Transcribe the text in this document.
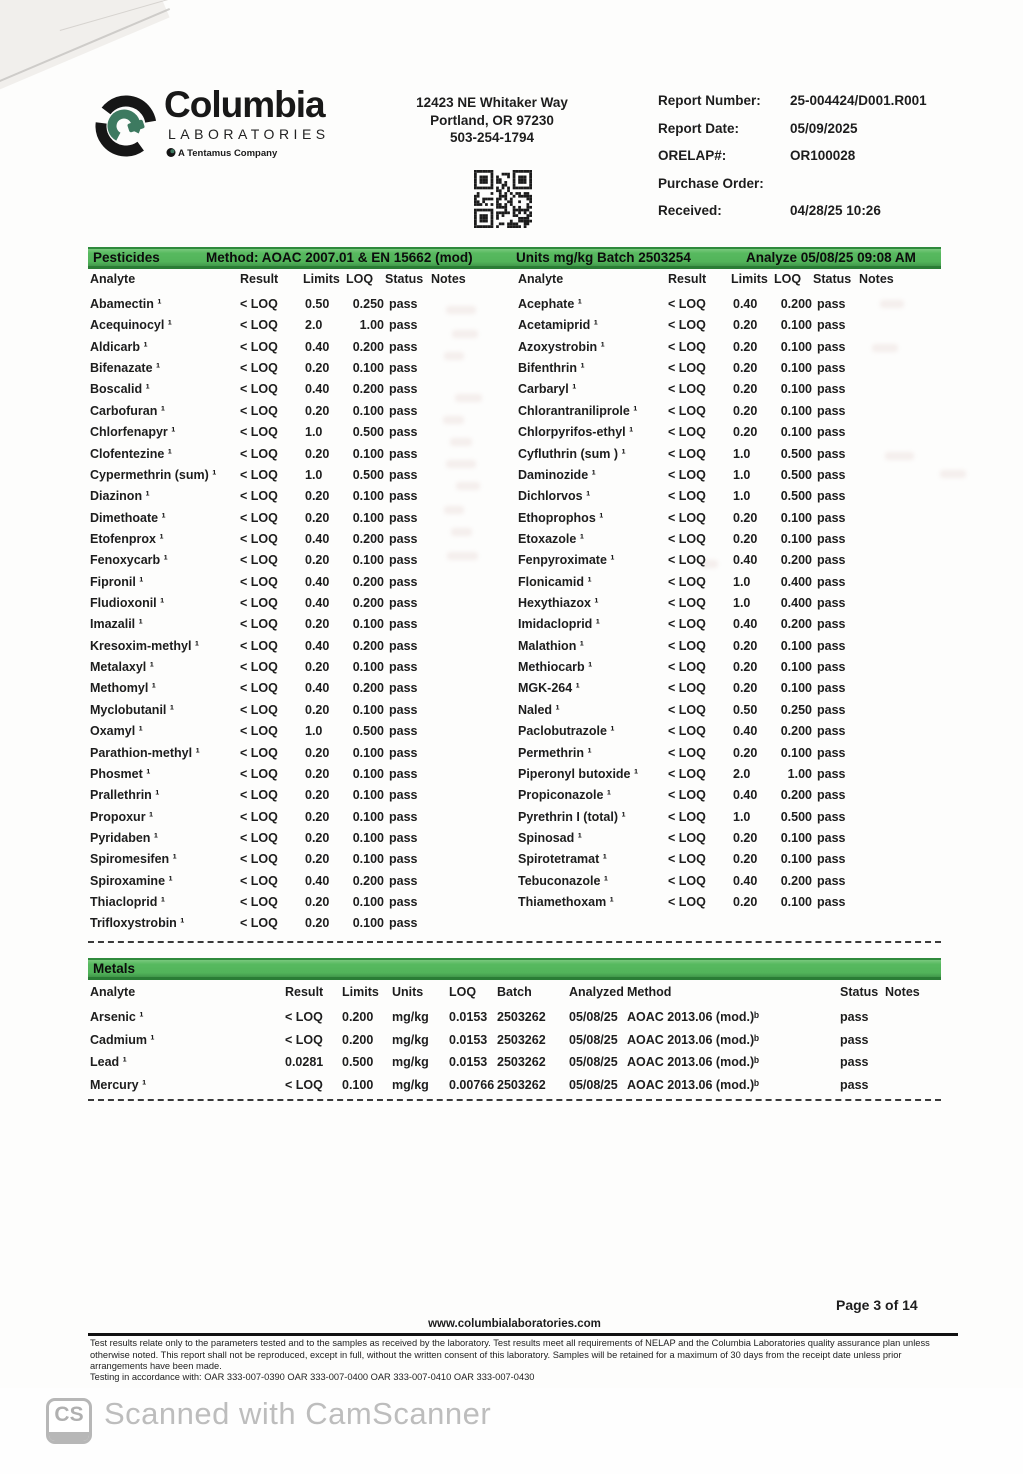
Columbia
LABORATORIES
A Tentamus Company
12423 NE Whitaker Way
Portland, OR 97230
503-254-1794
Report Number: 25-004424/D001.R001
Report Date:	05/09/2025
ORELAP#:	OR100028
Purchase Order:
Received:	04/28/25 10:26
Pesticides	Method: AOAC 2007.01 & EN 15662 (mod)	Units mg/kg Batch 2503254	Analyze 05/08/25 09:08 AM
Analyte	Result Limits LOQ Status Notes	Analyte	Result Limits LOQ Status Notes
Abamectin ¹	< LOQ 0.50	0.250 pass
Acequinocyl ¹	< LOQ 2.0	1.00 pass
Aldicarb ¹	< LOQ 0.40	0.200 pass
Bifenazate ¹	< LOQ 0.20	0.100 pass
Boscalid ¹	< LOQ 0.40	0.200 pass
Carbofuran ¹	< LOQ 0.20	0.100 pass
Chlorfenapyr ¹	< LOQ 1.0	0.500 pass
Clofentezine ¹	< LOQ 0.20	0.100 pass
Cypermethrin (sum) ¹ < LOQ 1.0	0.500 pass
Diazinon ¹	< LOQ 0.20	0.100 pass
Dimethoate ¹	< LOQ 0.20	0.100 pass
Etofenprox ¹	< LOQ 0.40	0.200 pass
Fenoxycarb ¹	< LOQ 0.20	0.100 pass
Fipronil ¹	< LOQ 0.40	0.200 pass
Fludioxonil ¹	< LOQ 0.40	0.200 pass
Imazalil ¹	< LOQ 0.20	0.100 pass
Kresoxim-methyl ¹	< LOQ 0.40	0.200 pass
Metalaxyl ¹	< LOQ 0.20	0.100 pass
Methomyl ¹	< LOQ 0.40	0.200 pass
Myclobutanil ¹	< LOQ 0.20	0.100 pass
Oxamyl ¹	< LOQ 1.0	0.500 pass
Parathion-methyl ¹	< LOQ 0.20	0.100 pass
Phosmet ¹	< LOQ 0.20	0.100 pass
Prallethrin ¹	< LOQ 0.20	0.100 pass
Propoxur ¹	< LOQ 0.20	0.100 pass
Pyridaben ¹	< LOQ 0.20	0.100 pass
Spiromesifen ¹	< LOQ 0.20	0.100 pass
Spiroxamine ¹	< LOQ 0.40	0.200 pass
Thiacloprid ¹	< LOQ 0.20	0.100 pass
Trifloxystrobin ¹	< LOQ 0.20	0.100 pass
Acephate ¹	< LOQ 0.40	0.200 pass
Acetamiprid ¹	< LOQ 0.20	0.100 pass
Azoxystrobin ¹	< LOQ 0.20	0.100 pass
Bifenthrin ¹	< LOQ 0.20	0.100 pass
Carbaryl ¹	< LOQ 0.20	0.100 pass
Chlorantraniliprole ¹ < LOQ 0.20	0.100 pass
Chlorpyrifos-ethyl ¹	< LOQ 0.20	0.100 pass
Cyfluthrin (sum ) ¹	< LOQ 1.0	0.500 pass
Daminozide ¹	< LOQ 1.0	0.500 pass
Dichlorvos ¹	< LOQ 1.0	0.500 pass
Ethoprophos ¹	< LOQ 0.20	0.100 pass
Etoxazole ¹	< LOQ 0.20	0.100 pass
Fenpyroximate ¹	< LOQ 0.40	0.200 pass
Flonicamid ¹	< LOQ 1.0	0.400 pass
Hexythiazox ¹	< LOQ 1.0	0.400 pass
Imidacloprid ¹	< LOQ 0.40	0.200 pass
Malathion ¹	< LOQ 0.20	0.100 pass
Methiocarb ¹	< LOQ 0.20	0.100 pass
MGK-264 ¹	< LOQ 0.20	0.100 pass
Naled ¹	< LOQ 0.50	0.250 pass
Paclobutrazole ¹	< LOQ 0.40	0.200 pass
Permethrin ¹	< LOQ 0.20	0.100 pass
Piperonyl butoxide ¹ < LOQ 2.0	1.00 pass
Propiconazole ¹	< LOQ 0.40	0.200 pass
Pyrethrin I (total) ¹	< LOQ 1.0	0.500 pass
Spinosad ¹	< LOQ 0.20	0.100 pass
Spirotetramat ¹	< LOQ 0.20	0.100 pass
Tebuconazole ¹	< LOQ 0.40	0.200 pass
Thiamethoxam ¹	< LOQ 0.20	0.100 pass
Metals
Analyte	Result Limits Units LOQ Batch	Analyzed Method	Status Notes
Arsenic ¹	< LOQ 0.200 mg/kg 0.0153 2503262 05/08/25 AOAC 2013.06 (mod.)ᵇ	pass
Cadmium ¹	< LOQ 0.200 mg/kg 0.0153 2503262 05/08/25 AOAC 2013.06 (mod.)ᵇ	pass
Lead ¹	0.0281 0.500 mg/kg 0.0153 2503262 05/08/25 AOAC 2013.06 (mod.)ᵇ	pass
Mercury ¹	< LOQ 0.100 mg/kg 0.00766 2503262 05/08/25 AOAC 2013.06 (mod.)ᵇ	pass
Page 3 of 14
www.columbialaboratories.com
Test results relate only to the parameters tested and to the samples as received by the laboratory. Test results meet all requirements of NELAP and the Columbia Laboratories quality assurance plan unless otherwise noted. This report shall not be reproduced, except in full, without the written consent of this laboratory. Samples will be retained for a maximum of 30 days from the receipt date unless prior arrangements have been made.
Testing in accordance with: OAR 333-007-0390 OAR 333-007-0400 OAR 333-007-0410 OAR 333-007-0430
CS Scanned with CamScanner
